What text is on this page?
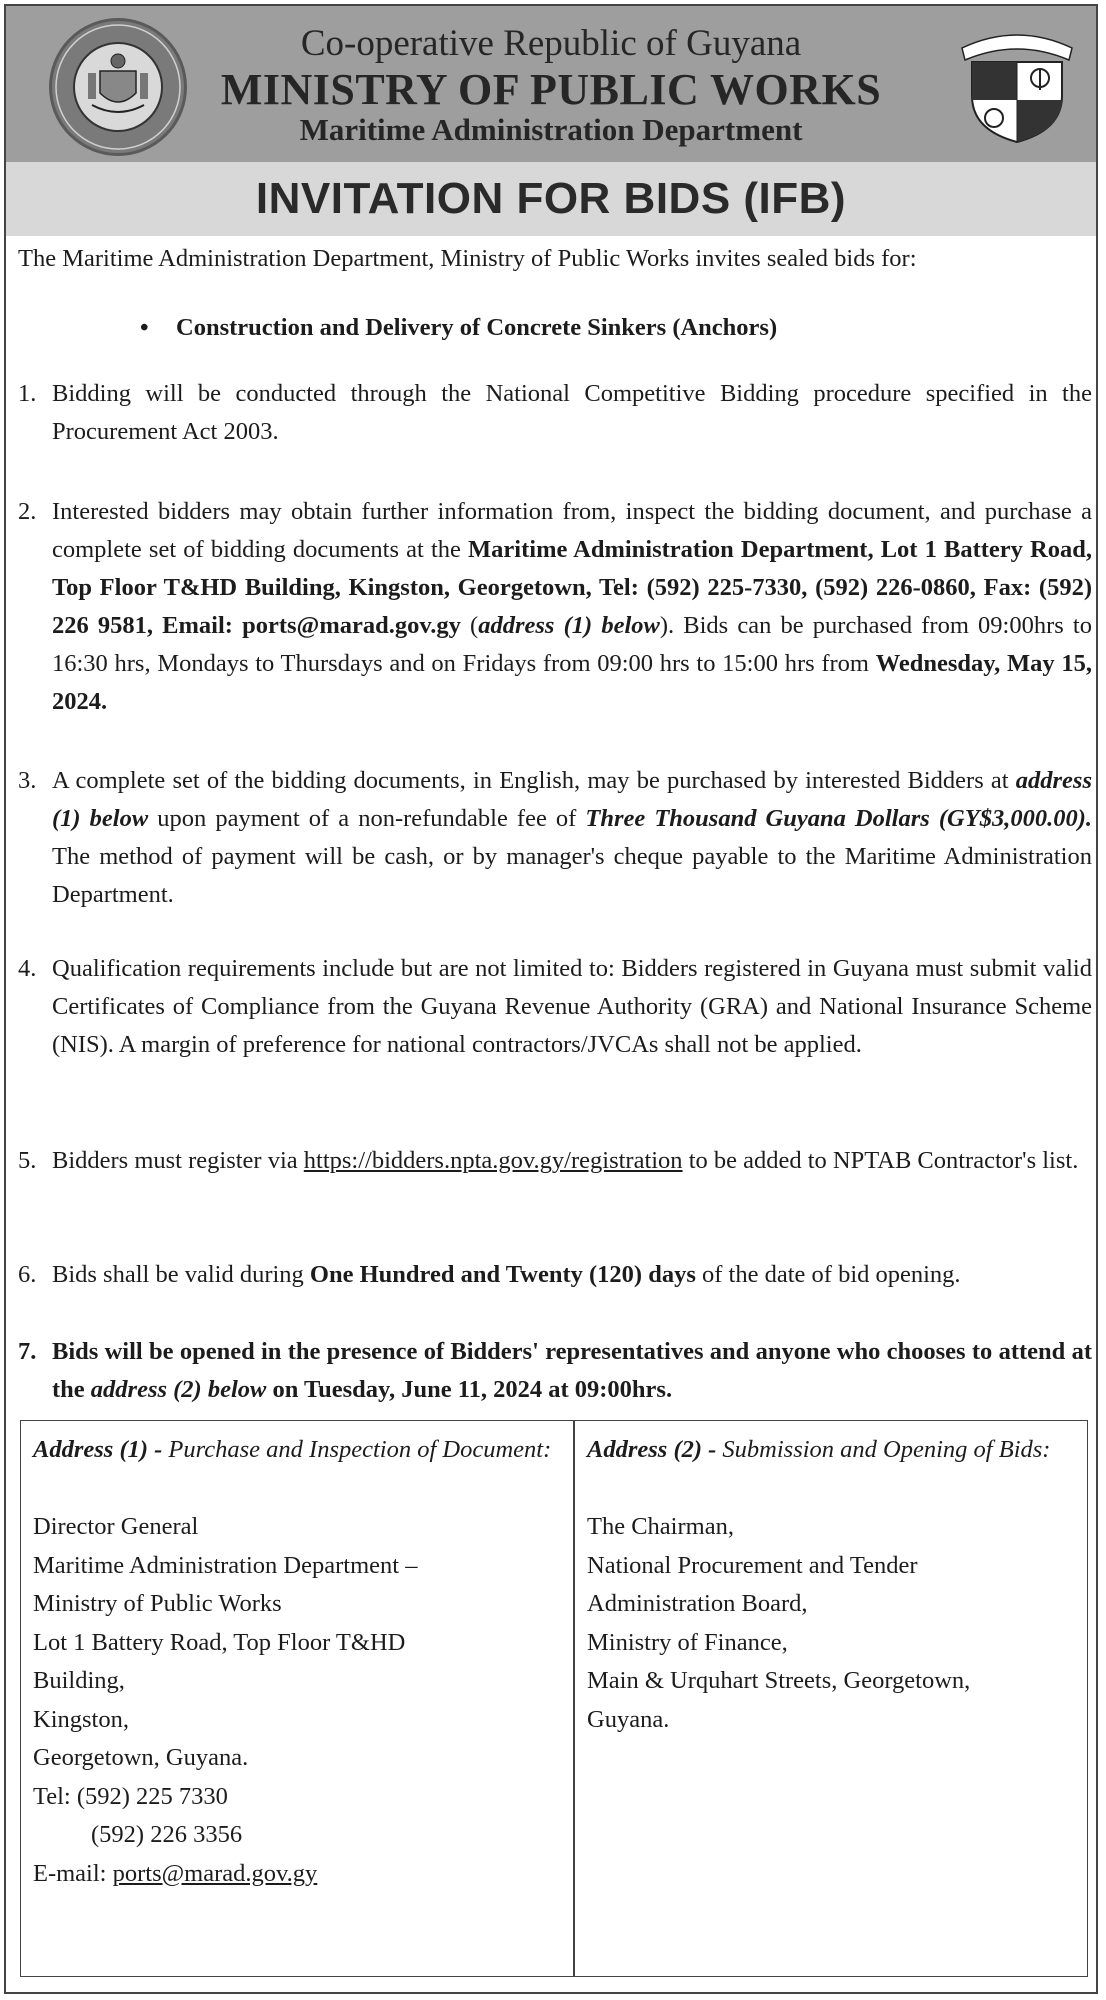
Co-operative Republic of Guyana
MINISTRY OF PUBLIC WORKS
Maritime Administration Department
INVITATION FOR BIDS (IFB)
The Maritime Administration Department, Ministry of Public Works invites sealed bids for:
• Construction and Delivery of Concrete Sinkers (Anchors)
1. Bidding will be conducted through the National Competitive Bidding procedure specified in the Procurement Act 2003.
2. Interested bidders may obtain further information from, inspect the bidding document, and purchase a complete set of bidding documents at the Maritime Administration Department, Lot 1 Battery Road, Top Floor T&HD Building, Kingston, Georgetown, Tel: (592) 225-7330, (592) 226-0860, Fax: (592) 226 9581, Email: ports@marad.gov.gy (address (1) below). Bids can be purchased from 09:00hrs to 16:30 hrs, Mondays to Thursdays and on Fridays from 09:00 hrs to 15:00 hrs from Wednesday, May 15, 2024.
3. A complete set of the bidding documents, in English, may be purchased by interested Bidders at address (1) below upon payment of a non-refundable fee of Three Thousand Guyana Dollars (GY$3,000.00). The method of payment will be cash, or by manager's cheque payable to the Maritime Administration Department.
4. Qualification requirements include but are not limited to: Bidders registered in Guyana must submit valid Certificates of Compliance from the Guyana Revenue Authority (GRA) and National Insurance Scheme (NIS). A margin of preference for national contractors/JVCAs shall not be applied.
5. Bidders must register via https://bidders.npta.gov.gy/registration to be added to NPTAB Contractor's list.
6. Bids shall be valid during One Hundred and Twenty (120) days of the date of bid opening.
7. Bids will be opened in the presence of Bidders' representatives and anyone who chooses to attend at the address (2) below on Tuesday, June 11, 2024 at 09:00hrs.
Address (1) - Purchase and Inspection of Document:

Director General
Maritime Administration Department –
Ministry of Public Works
Lot 1 Battery Road, Top Floor T&HD
Building,
Kingston,
Georgetown, Guyana.
Tel: (592) 225 7330
(592) 226 3356
E-mail: ports@marad.gov.gy
Address (2) - Submission and Opening of Bids:

The Chairman,
National Procurement and Tender
Administration Board,
Ministry of Finance,
Main & Urquhart Streets, Georgetown,
Guyana.
